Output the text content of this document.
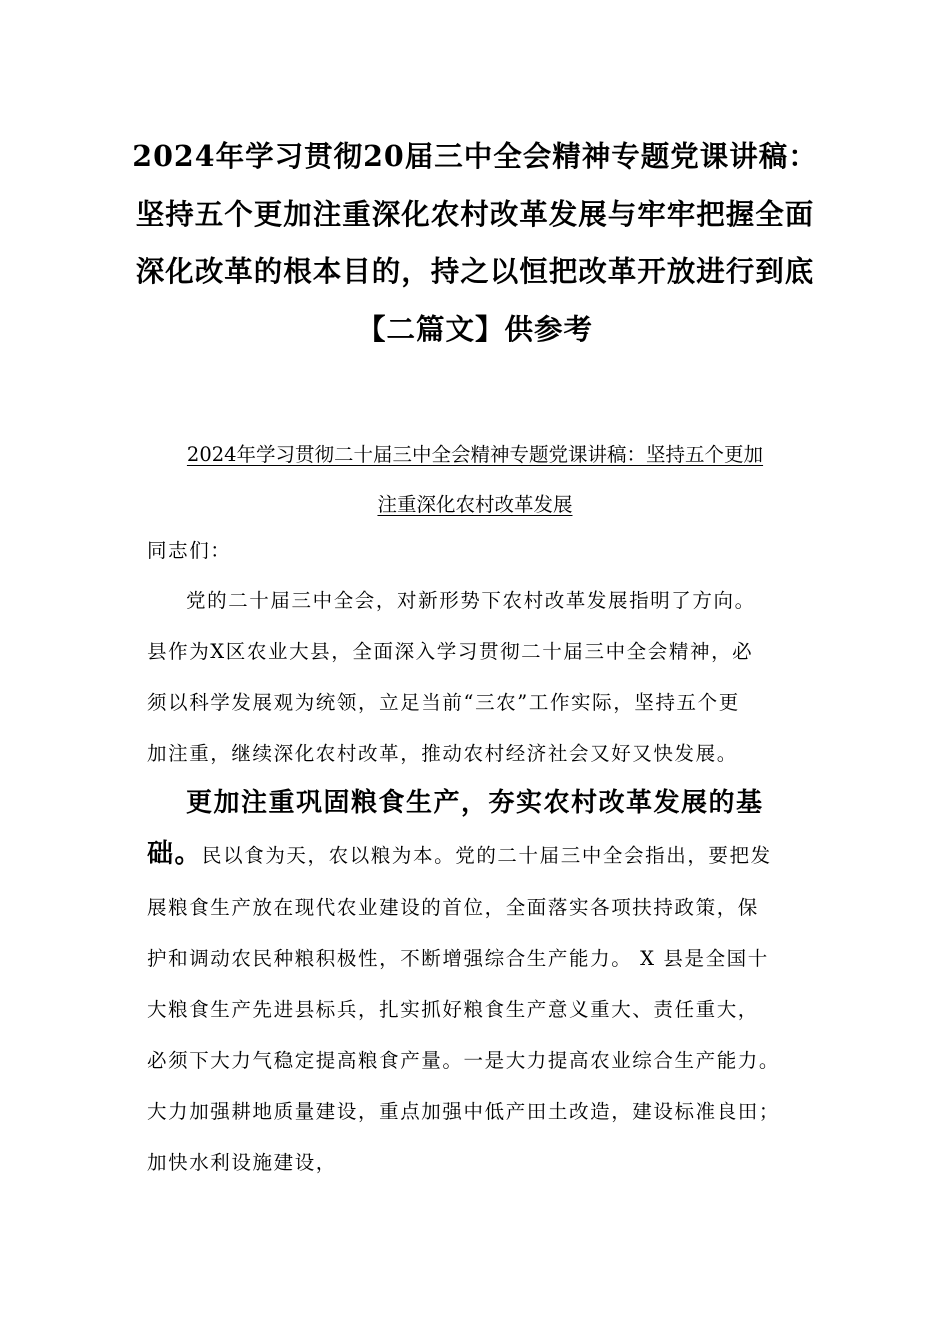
2024年学习贯彻20届三中全会精神专题党课讲稿：
坚持五个更加注重深化农村改革发展与牢牢把握全面
深化改革的根本目的，持之以恒把改革开放进行到底
【二篇文】供参考
2024年学习贯彻二十届三中全会精神专题党课讲稿：坚持五个更加
注重深化农村改革发展

同志们：

党的二十届三中全会，对新形势下农村改革发展指明了方向。
县作为X区农业大县，全面深入学习贯彻二十届三中全会精神，必
须以科学发展观为统领，立足当前“三农”工作实际，坚持五个更
加注重，继续深化农村改革，推动农村经济社会又好又快发展。

更加注重巩固粮食生产，夯实农村改革发展的基
础。民以食为天，农以粮为本。党的二十届三中全会指出，要把发
展粮食生产放在现代农业建设的首位，全面落实各项扶持政策，保
护和调动农民种粮积极性，不断增强综合生产能力。 X 县是全国十
大粮食生产先进县标兵，扎实抓好粮食生产意义重大、责任重大，
必须下大力气稳定提高粮食产量。一是大力提高农业综合生产能力。
大力加强耕地质量建设，重点加强中低产田土改造，建设标准良田；
加快水利设施建设，
